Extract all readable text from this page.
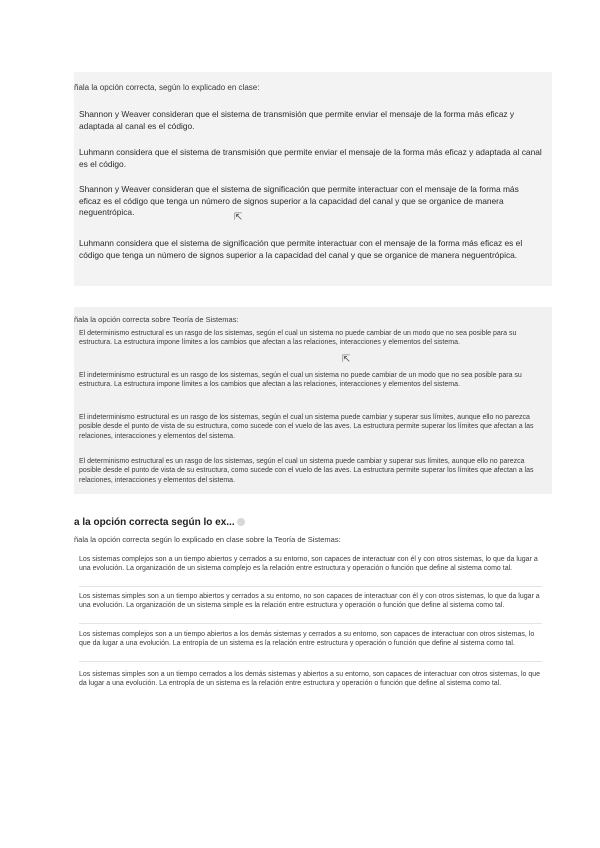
ñala la opción correcta, según lo explicado en clase:
Shannon y Weaver consideran que el sistema de transmisión que permite enviar el mensaje de la forma más eficaz y adaptada al canal es el código.
Luhmann considera que el sistema de transmisión que permite enviar el mensaje de la forma más eficaz y adaptada al canal es el código.
Shannon y Weaver consideran que el sistema de significación que permite interactuar con el mensaje de la forma más eficaz es el código que tenga un número de signos superior a la capacidad del canal y que se organice de manera neguentrópica.
Luhmann considera que el sistema de significación que permite interactuar con el mensaje de la forma más eficaz es el código que tenga un número de signos superior a la capacidad del canal y que se organice de manera neguentrópica.
⇱
ñala la opción correcta sobre Teoría de Sistemas:
El determinismo estructural es un rasgo de los sistemas, según el cual un sistema no puede cambiar de un modo que no sea posible para su estructura. La estructura impone límites a los cambios que afectan a las relaciones, interacciones y elementos del sistema.
El indeterminismo estructural es un rasgo de los sistemas, según el cual un sistema no puede cambiar de un modo que no sea posible para su estructura. La estructura impone límites a los cambios que afectan a las relaciones, interacciones y elementos del sistema.
El indeterminismo estructural es un rasgo de los sistemas, según el cual un sistema puede cambiar y superar sus límites, aunque ello no parezca posible desde el punto de vista de su estructura, como sucede con el vuelo de las aves. La estructura permite superar los límites que afectan a las relaciones, interacciones y elementos del sistema.
El determinismo estructural es un rasgo de los sistemas, según el cual un sistema puede cambiar y superar sus límites, aunque ello no parezca posible desde el punto de vista de su estructura, como sucede con el vuelo de las aves. La estructura permite superar los límites que afectan a las relaciones, interacciones y elementos del sistema.
⇱
a la opción correcta según lo ex...
ñala la opción correcta según lo explicado en clase sobre la Teoría de Sistemas:
Los sistemas complejos son a un tiempo abiertos y cerrados a su entorno, son capaces de interactuar con él y con otros sistemas, lo que da lugar a una evolución. La organización de un sistema complejo es la relación entre estructura y operación o función que define al sistema como tal.
Los sistemas simples son a un tiempo abiertos y cerrados a su entorno, no son capaces de interactuar con él y con otros sistemas, lo que da lugar a una evolución. La organización de un sistema simple es la relación entre estructura y operación o función que define al sistema como tal.
Los sistemas complejos son a un tiempo abiertos a los demás sistemas y cerrados a su entorno, son capaces de interactuar con otros sistemas, lo que da lugar a una evolución. La entropía de un sistema es la relación entre estructura y operación o función que define al sistema como tal.
Los sistemas simples son a un tiempo cerrados a los demás sistemas y abiertos a su entorno, son capaces de interactuar con otros sistemas, lo que da lugar a una evolución. La entropía de un sistema es la relación entre estructura y operación o función que define al sistema como tal.
